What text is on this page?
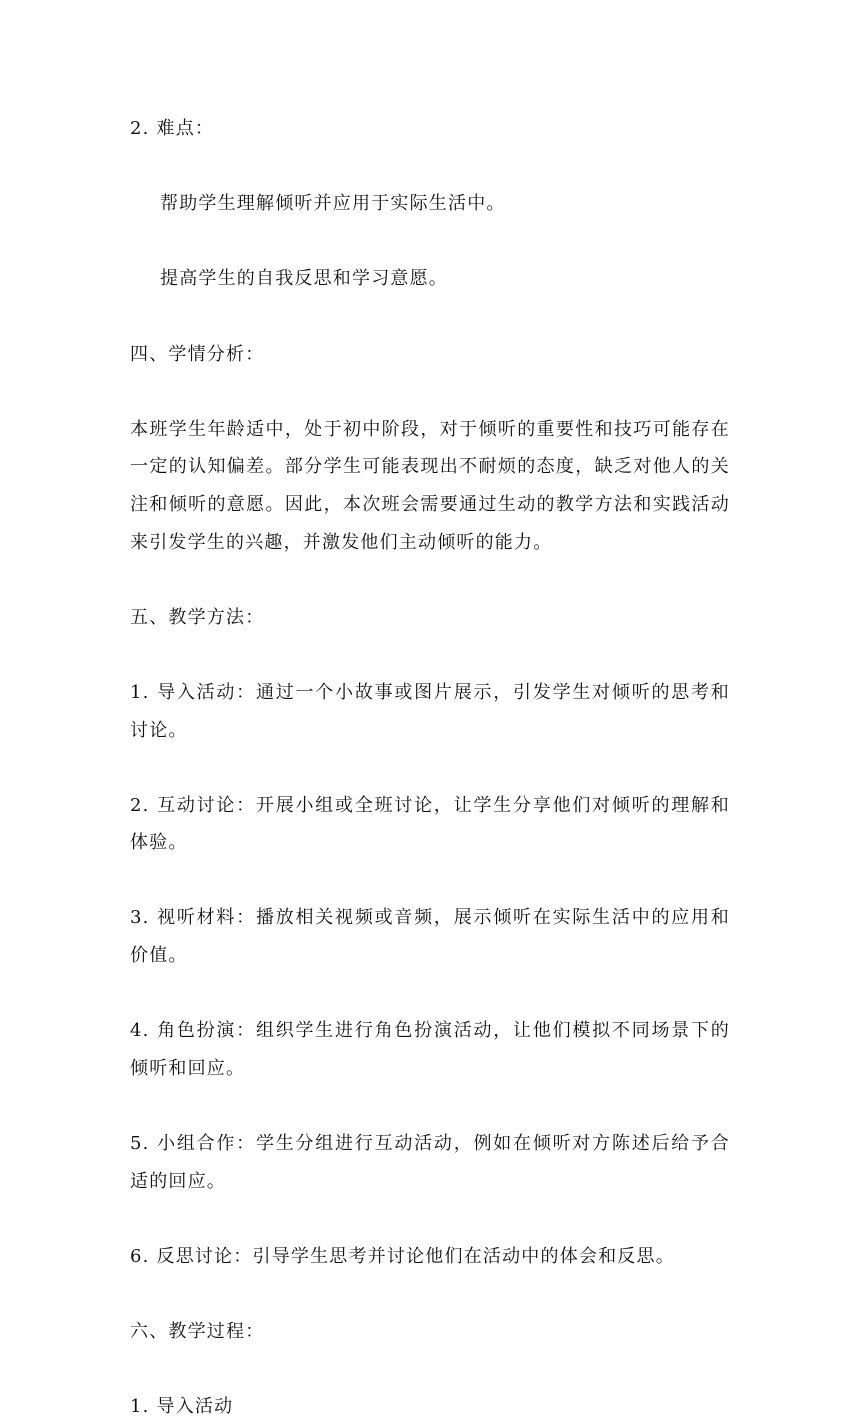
2. 难点：

帮助学生理解倾听并应用于实际生活中。

提高学生的自我反思和学习意愿。

四、学情分析：

本班学生年龄适中，处于初中阶段，对于倾听的重要性和技巧可能存在一定的认知偏差。部分学生可能表现出不耐烦的态度，缺乏对他人的关注和倾听的意愿。因此，本次班会需要通过生动的教学方法和实践活动来引发学生的兴趣，并激发他们主动倾听的能力。

五、教学方法：

1. 导入活动：通过一个小故事或图片展示，引发学生对倾听的思考和讨论。

2. 互动讨论：开展小组或全班讨论，让学生分享他们对倾听的理解和体验。

3. 视听材料：播放相关视频或音频，展示倾听在实际生活中的应用和价值。

4. 角色扮演：组织学生进行角色扮演活动，让他们模拟不同场景下的倾听和回应。

5. 小组合作：学生分组进行互动活动，例如在倾听对方陈述后给予合适的回应。

6. 反思讨论：引导学生思考并讨论他们在活动中的体会和反思。

六、教学过程：

1. 导入活动
